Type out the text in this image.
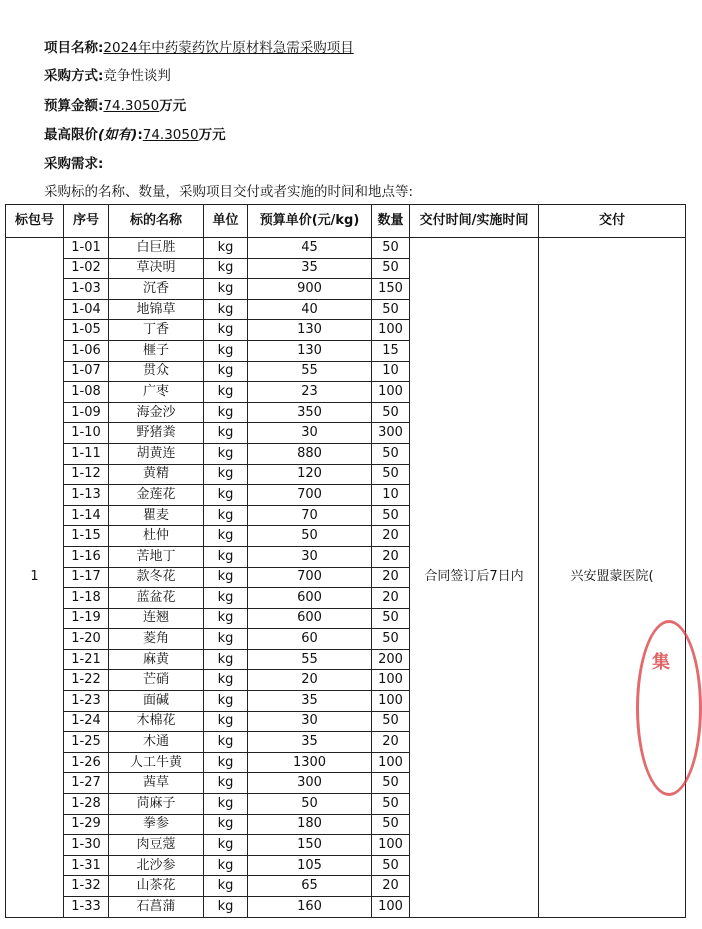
项目名称:2024年中药蒙药饮片原材料急需采购项目
采购方式:竞争性谈判
预算金额:74.3050万元
最高限价(如有):74.3050万元
采购需求:
采购标的名称、数量，采购项目交付或者实施的时间和地点等:
标包号	序号	标的名称	单位	预算单价(元/kg)	数量	交付时间/实施时间	交付
1	1-01	白巨胜	kg	45	50	合同签订后7日内	兴安盟蒙医院(
	1-02	草决明	kg	35	50		
	1-03	沉香	kg	900	150		
	1-04	地锦草	kg	40	50		
	1-05	丁香	kg	130	100		
	1-06	榧子	kg	130	15		
	1-07	贯众	kg	55	10		
	1-08	广枣	kg	23	100		
	1-09	海金沙	kg	350	50		
	1-10	野猪粪	kg	30	300		
	1-11	胡黄连	kg	880	50		
	1-12	黄精	kg	120	50		
	1-13	金莲花	kg	700	10		
	1-14	瞿麦	kg	70	50		
	1-15	杜仲	kg	50	20		
	1-16	苦地丁	kg	30	20		
	1-17	款冬花	kg	700	20		
	1-18	蓝盆花	kg	600	20		
	1-19	连翘	kg	600	50		
	1-20	菱角	kg	60	50		
	1-21	麻黄	kg	55	200		
	1-22	芒硝	kg	20	100		
	1-23	面碱	kg	35	100		
	1-24	木棉花	kg	30	50		
	1-25	木通	kg	35	20		
	1-26	人工牛黄	kg	1300	100		
	1-27	茜草	kg	300	50		
	1-28	苘麻子	kg	50	50		
	1-29	拳参	kg	180	50		
	1-30	肉豆蔻	kg	150	100		
	1-31	北沙参	kg	105	50		
	1-32	山茶花	kg	65	20		
	1-33	石菖蒲	kg	160	100		
集
